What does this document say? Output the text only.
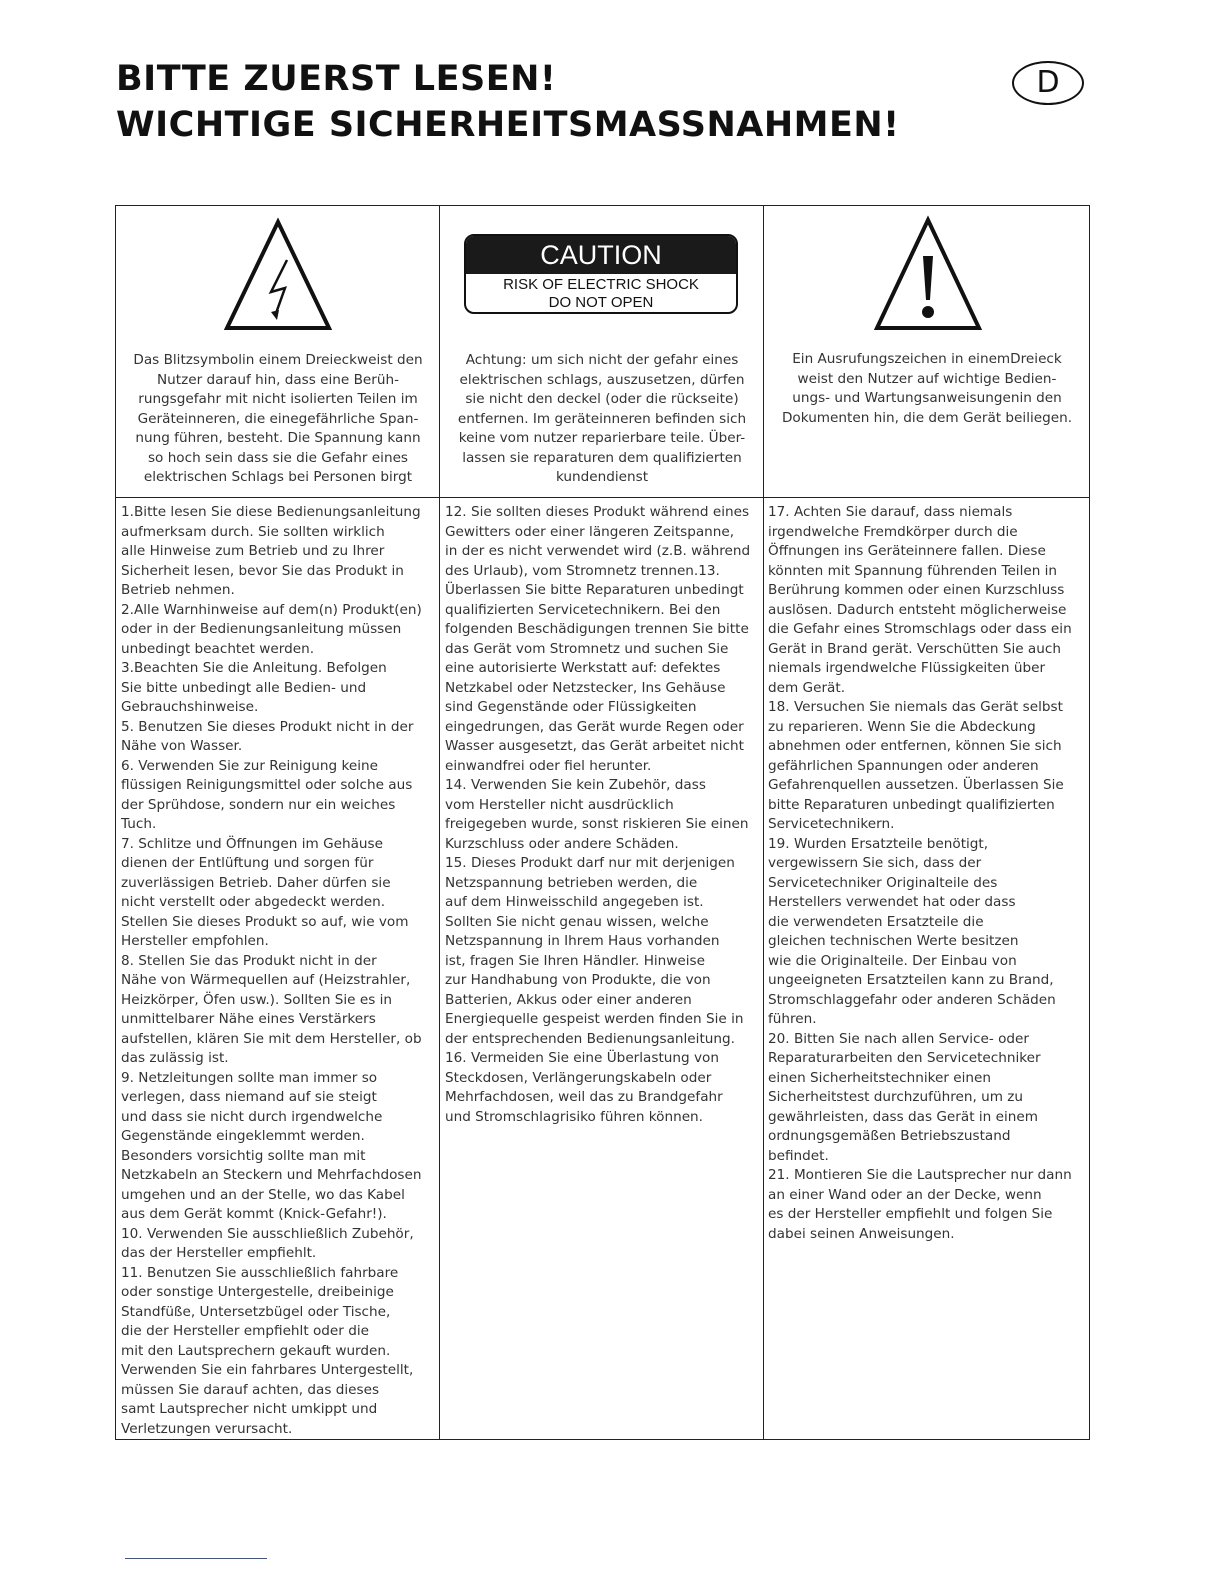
BITTE ZUERST LESEN!
WICHTIGE SICHERHEITSMASSNAHMEN!
D
CAUTION
RISK OF ELECTRIC SHOCK
DO NOT OPEN
Das Blitzsymbolin einem Dreieckweist den
Nutzer darauf hin, dass eine Berüh-
rungsgefahr mit nicht isolierten Teilen im
Geräteinneren, die einegefährliche Span-
nung führen, besteht. Die Spannung kann
so hoch sein dass sie die Gefahr eines
elektrischen Schlags bei Personen birgt
Achtung: um sich nicht der gefahr eines
elektrischen schlags, auszusetzen, dürfen
sie nicht den deckel (oder die rückseite)
entfernen. Im geräteinneren befinden sich
keine vom nutzer reparierbare teile. Über-
lassen sie reparaturen dem qualifizierten
kundendienst
Ein Ausrufungszeichen in einemDreieck
weist den Nutzer auf wichtige Bedien-
ungs- und Wartungsanweisungenin den
Dokumenten hin, die dem Gerät beiliegen.
1.Bitte lesen Sie diese Bedienungsanleitung
aufmerksam durch. Sie sollten wirklich
alle Hinweise zum Betrieb und zu Ihrer
Sicherheit lesen, bevor Sie das Produkt in
Betrieb nehmen.
2.Alle Warnhinweise auf dem(n) Produkt(en)
oder in der Bedienungsanleitung müssen
unbedingt beachtet werden.
3.Beachten Sie die Anleitung. Befolgen
Sie bitte unbedingt alle Bedien- und
Gebrauchshinweise.
5. Benutzen Sie dieses Produkt nicht in der
Nähe von Wasser.
6. Verwenden Sie zur Reinigung keine
flüssigen Reinigungsmittel oder solche aus
der Sprühdose, sondern nur ein weiches
Tuch.
7. Schlitze und Öffnungen im Gehäuse
dienen der Entlüftung und sorgen für
zuverlässigen Betrieb. Daher dürfen sie
nicht verstellt oder abgedeckt werden.
Stellen Sie dieses Produkt so auf, wie vom
Hersteller empfohlen.
8. Stellen Sie das Produkt nicht in der
Nähe von Wärmequellen auf (Heizstrahler,
Heizkörper, Öfen usw.). Sollten Sie es in
unmittelbarer Nähe eines Verstärkers
aufstellen, klären Sie mit dem Hersteller, ob
das zulässig ist.
9. Netzleitungen sollte man immer so
verlegen, dass niemand auf sie steigt
und dass sie nicht durch irgendwelche
Gegenstände eingeklemmt werden.
Besonders vorsichtig sollte man mit
Netzkabeln an Steckern und Mehrfachdosen
umgehen und an der Stelle, wo das Kabel
aus dem Gerät kommt (Knick-Gefahr!).
10. Verwenden Sie ausschließlich Zubehör,
das der Hersteller empfiehlt.
11. Benutzen Sie ausschließlich fahrbare
oder sonstige Untergestelle, dreibeinige
Standfüße, Untersetzbügel oder Tische,
die der Hersteller empfiehlt oder die
mit den Lautsprechern gekauft wurden.
Verwenden Sie ein fahrbares Untergestellt,
müssen Sie darauf achten, das dieses
samt Lautsprecher nicht umkippt und
Verletzungen verursacht.
12. Sie sollten dieses Produkt während eines
Gewitters oder einer längeren Zeitspanne,
in der es nicht verwendet wird (z.B. während
des Urlaub), vom Stromnetz trennen.13.
Überlassen Sie bitte Reparaturen unbedingt
qualifizierten Servicetechnikern. Bei den
folgenden Beschädigungen trennen Sie bitte
das Gerät vom Stromnetz und suchen Sie
eine autorisierte Werkstatt auf: defektes
Netzkabel oder Netzstecker, Ins Gehäuse
sind Gegenstände oder Flüssigkeiten
eingedrungen, das Gerät wurde Regen oder
Wasser ausgesetzt, das Gerät arbeitet nicht
einwandfrei oder fiel herunter.
14. Verwenden Sie kein Zubehör, dass
vom Hersteller nicht ausdrücklich
freigegeben wurde, sonst riskieren Sie einen
Kurzschluss oder andere Schäden.
15. Dieses Produkt darf nur mit derjenigen
Netzspannung betrieben werden, die
auf dem Hinweisschild angegeben ist.
Sollten Sie nicht genau wissen, welche
Netzspannung in Ihrem Haus vorhanden
ist, fragen Sie Ihren Händler. Hinweise
zur Handhabung von Produkte, die von
Batterien, Akkus oder einer anderen
Energiequelle gespeist werden finden Sie in
der entsprechenden Bedienungsanleitung.
16. Vermeiden Sie eine Überlastung von
Steckdosen, Verlängerungskabeln oder
Mehrfachdosen, weil das zu Brandgefahr
und Stromschlagrisiko führen können.
17. Achten Sie darauf, dass niemals
irgendwelche Fremdkörper durch die
Öffnungen ins Geräteinnere fallen. Diese
könnten mit Spannung führenden Teilen in
Berührung kommen oder einen Kurzschluss
auslösen. Dadurch entsteht möglicherweise
die Gefahr eines Stromschlags oder dass ein
Gerät in Brand gerät. Verschütten Sie auch
niemals irgendwelche Flüssigkeiten über
dem Gerät.
18. Versuchen Sie niemals das Gerät selbst
zu reparieren. Wenn Sie die Abdeckung
abnehmen oder entfernen, können Sie sich
gefährlichen Spannungen oder anderen
Gefahrenquellen aussetzen. Überlassen Sie
bitte Reparaturen unbedingt qualifizierten
Servicetechnikern.
19. Wurden Ersatzteile benötigt,
vergewissern Sie sich, dass der
Servicetechniker Originalteile des
Herstellers verwendet hat oder dass
die verwendeten Ersatzteile die
gleichen technischen Werte besitzen
wie die Originalteile. Der Einbau von
ungeeigneten Ersatzteilen kann zu Brand,
Stromschlaggefahr oder anderen Schäden
führen.
20. Bitten Sie nach allen Service- oder
Reparaturarbeiten den Servicetechniker
einen Sicherheitstechniker einen
Sicherheitstest durchzuführen, um zu
gewährleisten, dass das Gerät in einem
ordnungsgemäßen Betriebszustand
befindet.
21. Montieren Sie die Lautsprecher nur dann
an einer Wand oder an der Decke, wenn
es der Hersteller empfiehlt und folgen Sie
dabei seinen Anweisungen.
